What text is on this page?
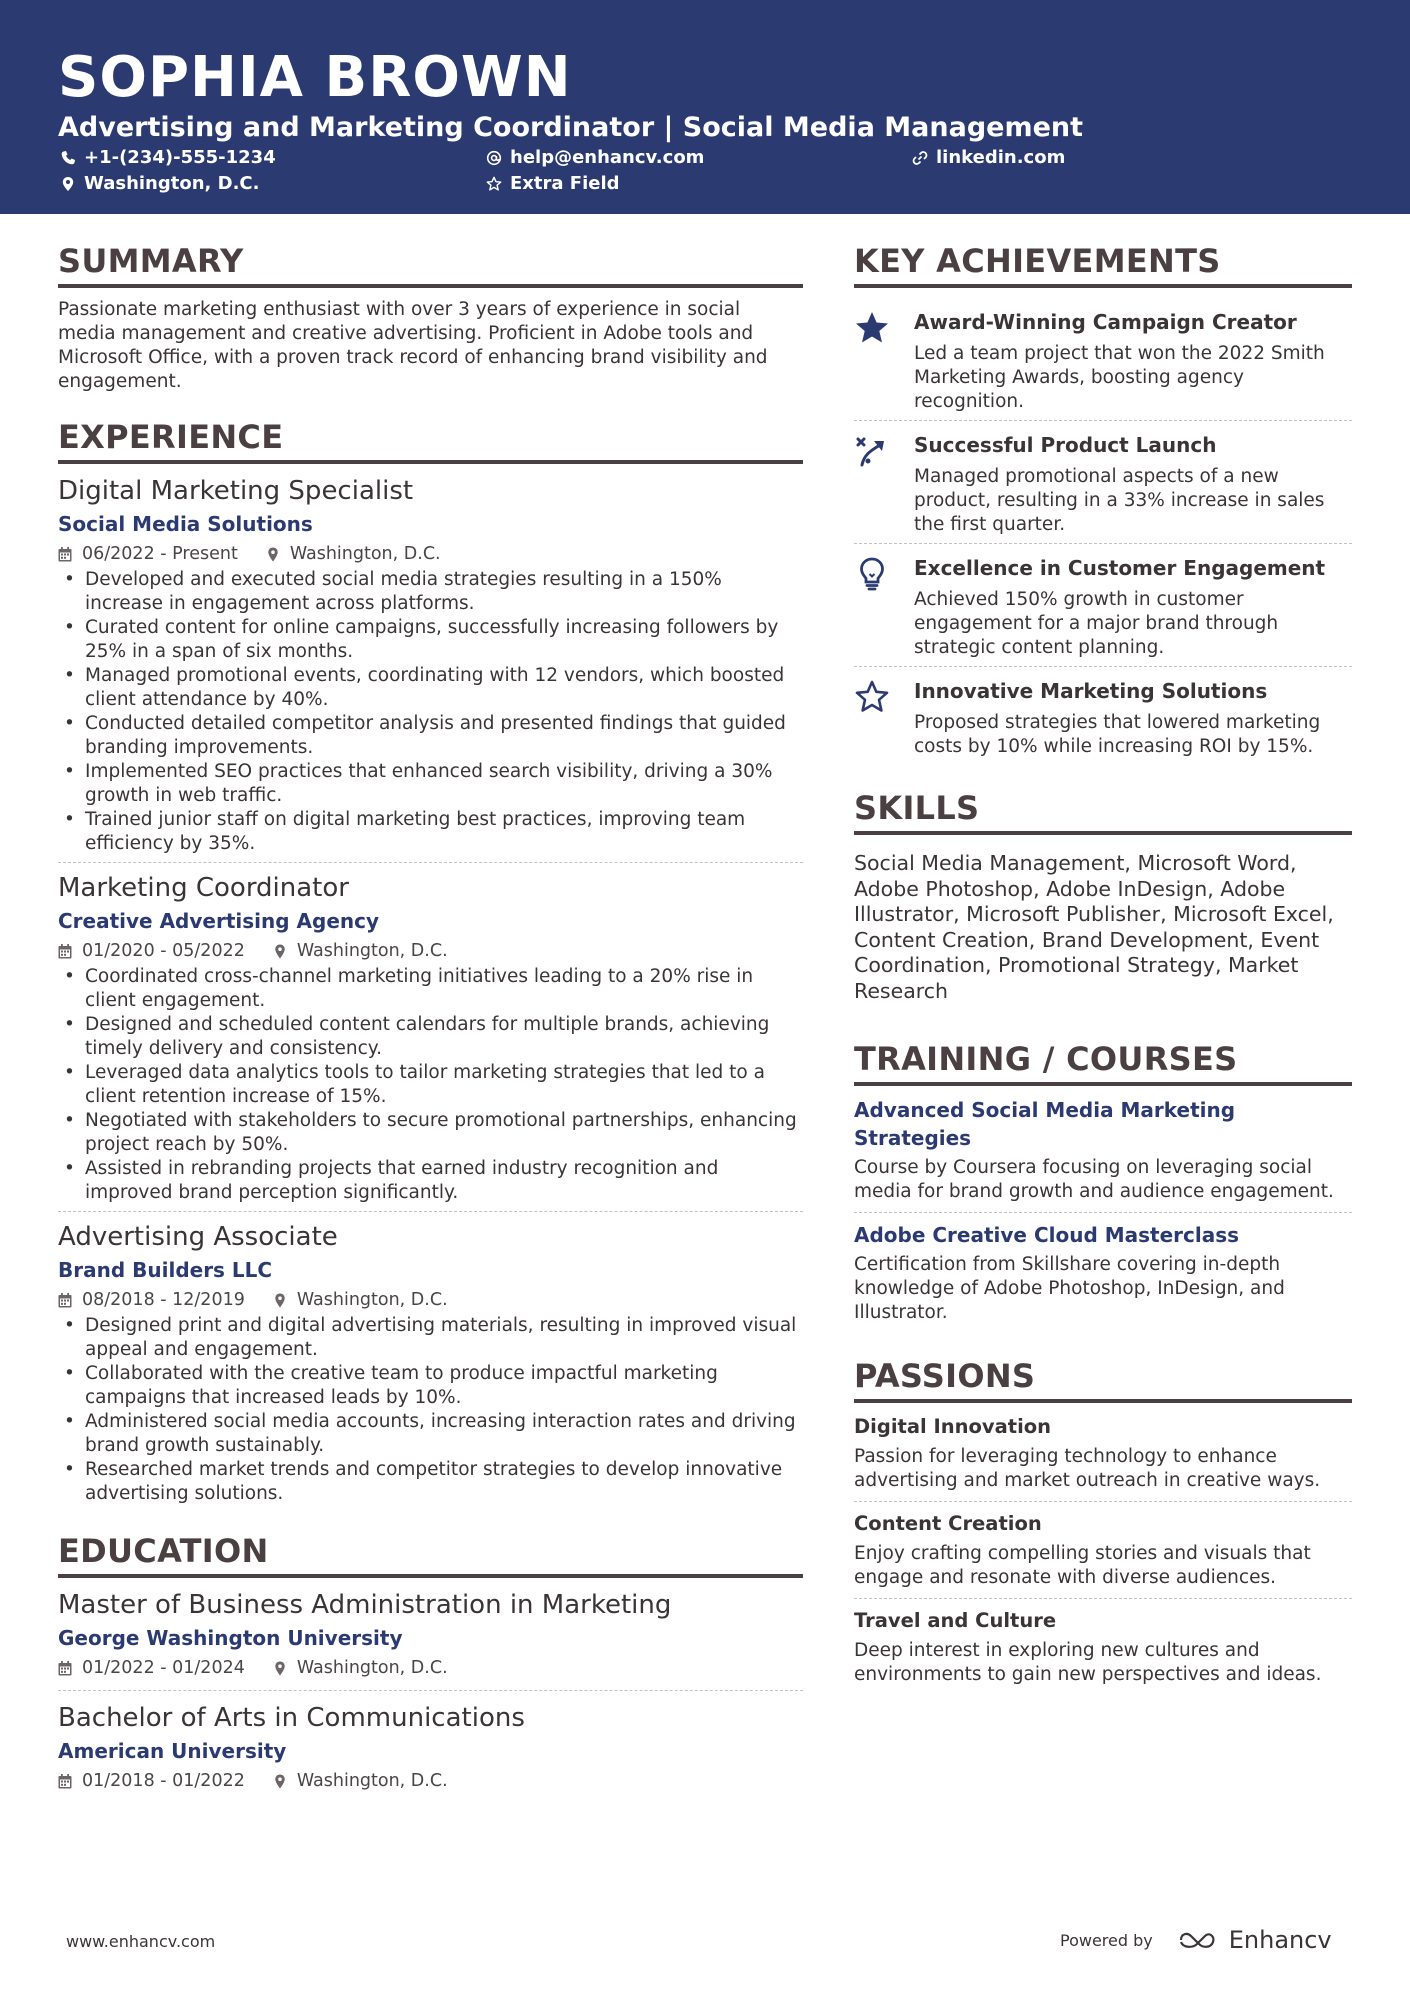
SOPHIA BROWN
Advertising and Marketing Coordinator | Social Media Management
+1-(234)-555-1234	help@enhancv.com	linkedin.com
Washington, D.C.	Extra Field
SUMMARY
Passionate marketing enthusiast with over 3 years of experience in social media management and creative advertising. Proficient in Adobe tools and Microsoft Office, with a proven track record of enhancing brand visibility and engagement.
EXPERIENCE
Digital Marketing Specialist
Social Media Solutions
06/2022 - Present	Washington, D.C.
• Developed and executed social media strategies resulting in a 150% increase in engagement across platforms.
• Curated content for online campaigns, successfully increasing followers by 25% in a span of six months.
• Managed promotional events, coordinating with 12 vendors, which boosted client attendance by 40%.
• Conducted detailed competitor analysis and presented findings that guided branding improvements.
• Implemented SEO practices that enhanced search visibility, driving a 30% growth in web traffic.
• Trained junior staff on digital marketing best practices, improving team efficiency by 35%.
Marketing Coordinator
Creative Advertising Agency
01/2020 - 05/2022	Washington, D.C.
• Coordinated cross-channel marketing initiatives leading to a 20% rise in client engagement.
• Designed and scheduled content calendars for multiple brands, achieving timely delivery and consistency.
• Leveraged data analytics tools to tailor marketing strategies that led to a client retention increase of 15%.
• Negotiated with stakeholders to secure promotional partnerships, enhancing project reach by 50%.
• Assisted in rebranding projects that earned industry recognition and improved brand perception significantly.
Advertising Associate
Brand Builders LLC
08/2018 - 12/2019	Washington, D.C.
• Designed print and digital advertising materials, resulting in improved visual appeal and engagement.
• Collaborated with the creative team to produce impactful marketing campaigns that increased leads by 10%.
• Administered social media accounts, increasing interaction rates and driving brand growth sustainably.
• Researched market trends and competitor strategies to develop innovative advertising solutions.
EDUCATION
Master of Business Administration in Marketing
George Washington University
01/2022 - 01/2024	Washington, D.C.
Bachelor of Arts in Communications
American University
01/2018 - 01/2022	Washington, D.C.
KEY ACHIEVEMENTS
Award-Winning Campaign Creator
Led a team project that won the 2022 Smith Marketing Awards, boosting agency recognition.
Successful Product Launch
Managed promotional aspects of a new product, resulting in a 33% increase in sales the first quarter.
Excellence in Customer Engagement
Achieved 150% growth in customer engagement for a major brand through strategic content planning.
Innovative Marketing Solutions
Proposed strategies that lowered marketing costs by 10% while increasing ROI by 15%.
SKILLS
Social Media Management, Microsoft Word, Adobe Photoshop, Adobe InDesign, Adobe Illustrator, Microsoft Publisher, Microsoft Excel, Content Creation, Brand Development, Event Coordination, Promotional Strategy, Market Research
TRAINING / COURSES
Advanced Social Media Marketing Strategies
Course by Coursera focusing on leveraging social media for brand growth and audience engagement.
Adobe Creative Cloud Masterclass
Certification from Skillshare covering in-depth knowledge of Adobe Photoshop, InDesign, and Illustrator.
PASSIONS
Digital Innovation
Passion for leveraging technology to enhance advertising and market outreach in creative ways.
Content Creation
Enjoy crafting compelling stories and visuals that engage and resonate with diverse audiences.
Travel and Culture
Deep interest in exploring new cultures and environments to gain new perspectives and ideas.
www.enhancv.com	Powered by	Enhancv
